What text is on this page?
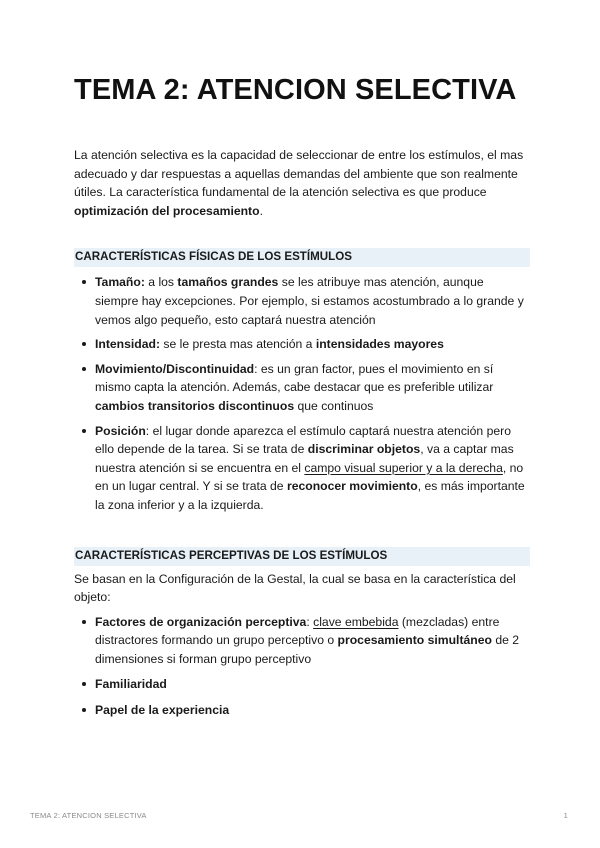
TEMA 2: ATENCION SELECTIVA

La atención selectiva es la capacidad de seleccionar de entre los estímulos, el mas adecuado y dar respuestas a aquellas demandas del ambiente que son realmente útiles. La característica fundamental de la atención selectiva es que produce optimización del procesamiento.

CARACTERÍSTICAS FÍSICAS DE LOS ESTÍMULOS
Tamaño: a los tamaños grandes se les atribuye mas atención, aunque siempre hay excepciones. Por ejemplo, si estamos acostumbrado a lo grande y vemos algo pequeño, esto captará nuestra atención
Intensidad: se le presta mas atención a intensidades mayores
Movimiento/Discontinuidad: es un gran factor, pues el movimiento en sí mismo capta la atención. Además, cabe destacar que es preferible utilizar cambios transitorios discontinuos que continuos
Posición: el lugar donde aparezca el estímulo captará nuestra atención pero ello depende de la tarea. Si se trata de discriminar objetos, va a captar mas nuestra atención si se encuentra en el campo visual superior y a la derecha, no en un lugar central. Y si se trata de reconocer movimiento, es más importante la zona inferior y a la izquierda.
CARACTERÍSTICAS PERCEPTIVAS DE LOS ESTÍMULOS

Se basan en la Configuración de la Gestal, la cual se basa en la característica del objeto:

Factores de organización perceptiva: clave embebida (mezcladas) entre distractores formando un grupo perceptivo o procesamiento simultáneo de 2 dimensiones si forman grupo perceptivo
Familiaridad
Papel de la experiencia
TEMA 2: ATENCION SELECTIVA	1
